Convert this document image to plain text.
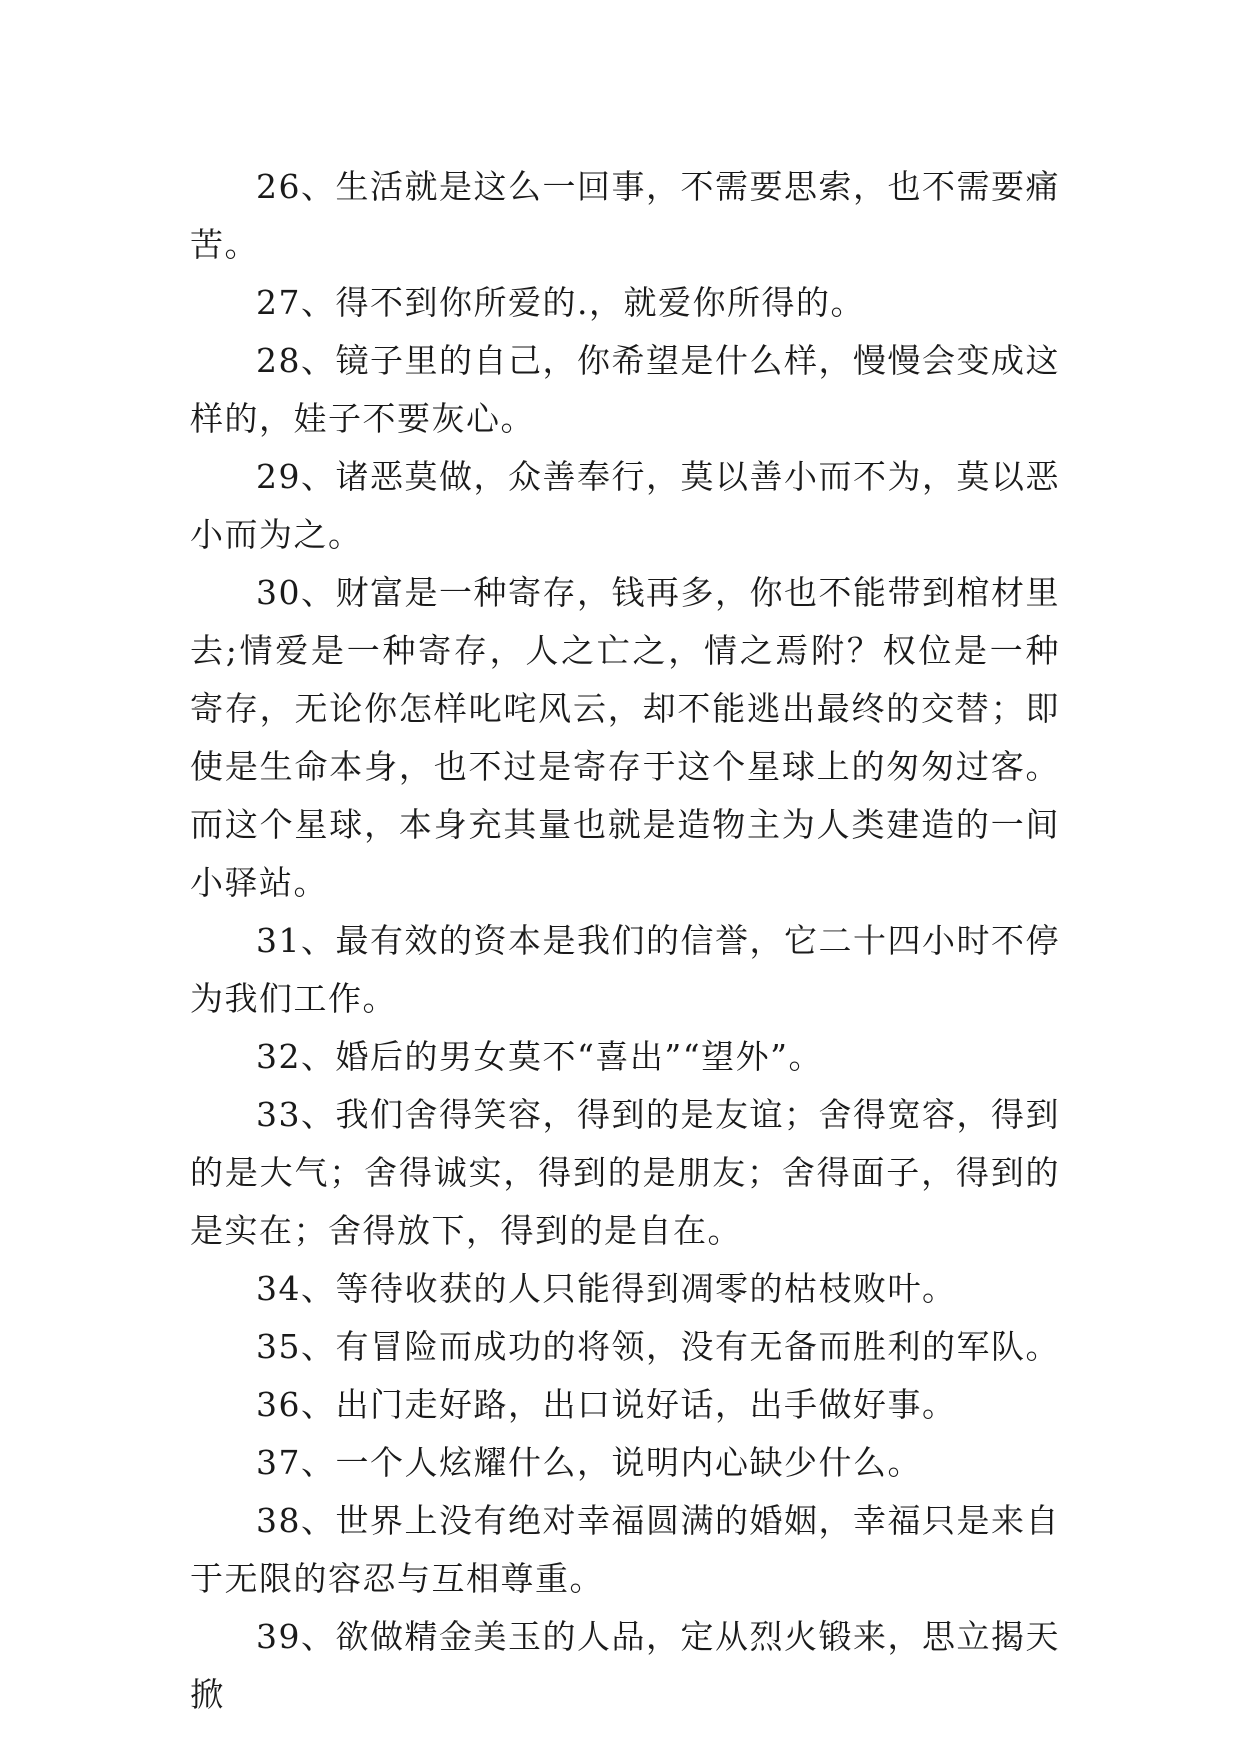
26、生活就是这么一回事，不需要思索，也不需要痛苦。

27、得不到你所爱的.，就爱你所得的。

28、镜子里的自己，你希望是什么样，慢慢会变成这样的，娃子不要灰心。

29、诸恶莫做，众善奉行，莫以善小而不为，莫以恶小而为之。

30、财富是一种寄存，钱再多，你也不能带到棺材里去;情爱是一种寄存，人之亡之，情之焉附？权位是一种寄存，无论你怎样叱咤风云，却不能逃出最终的交替；即使是生命本身，也不过是寄存于这个星球上的匆匆过客。而这个星球，本身充其量也就是造物主为人类建造的一间小驿站。

31、最有效的资本是我们的信誉，它二十四小时不停为我们工作。

32、婚后的男女莫不“喜出”“望外”。

33、我们舍得笑容，得到的是友谊；舍得宽容，得到的是大气；舍得诚实，得到的是朋友；舍得面子，得到的是实在；舍得放下，得到的是自在。

34、等待收获的人只能得到凋零的枯枝败叶。

35、有冒险而成功的将领，没有无备而胜利的军队。

36、出门走好路，出口说好话，出手做好事。

37、一个人炫耀什么，说明内心缺少什么。

38、世界上没有绝对幸福圆满的婚姻，幸福只是来自于无限的容忍与互相尊重。

39、欲做精金美玉的人品，定从烈火锻来，思立揭天掀
